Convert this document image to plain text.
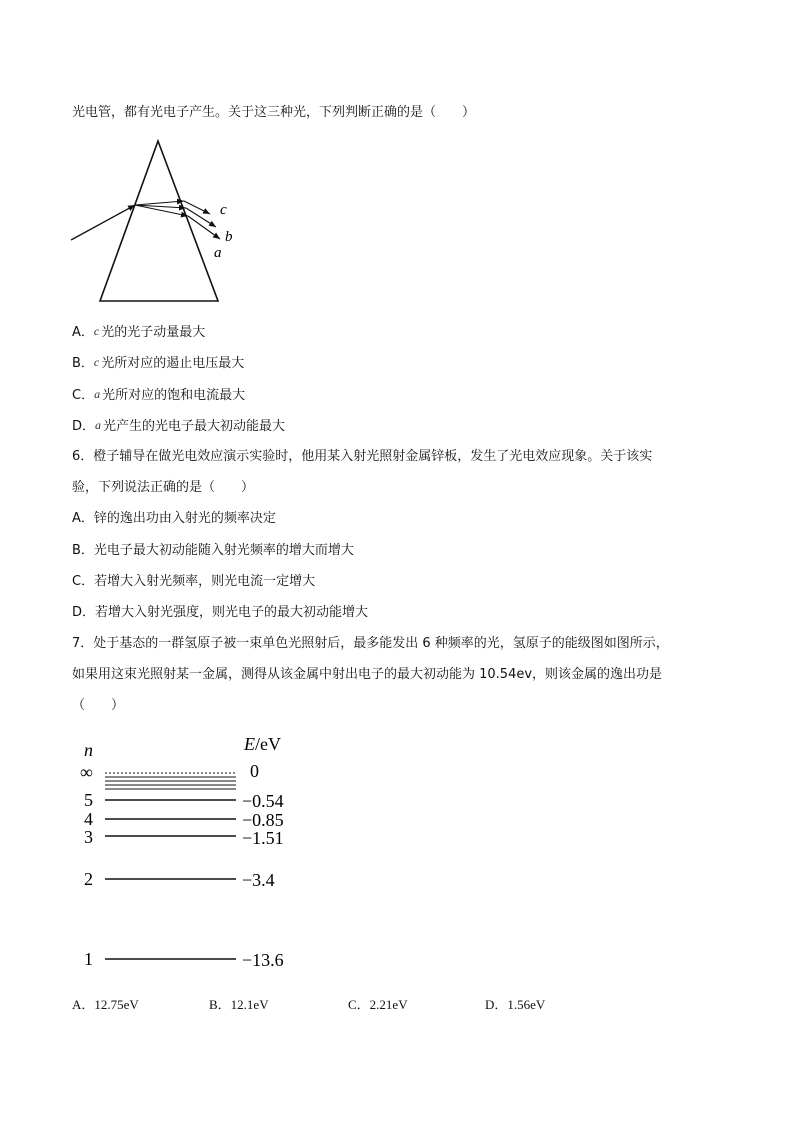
光电管，都有光电子产生。关于这三种光，下列判断正确的是（　　）
c
b
a
A．c 光的光子动量最大
B．c 光所对应的遏止电压最大
C．a 光所对应的饱和电流最大
D．a 光产生的光电子最大初动能最大
6．橙子辅导在做光电效应演示实验时，他用某入射光照射金属锌板，发生了光电效应现象。关于该实
验，下列说法正确的是（　　）
A．锌的逸出功由入射光的频率决定
B．光电子最大初动能随入射光频率的增大而增大
C．若增大入射光频率，则光电流一定增大
D．若增大入射光强度，则光电子的最大初动能增大
7．处于基态的一群氢原子被一束单色光照射后，最多能发出 6 种频率的光，氢原子的能级图如图所示，
如果用这束光照射某一金属，测得从该金属中射出电子的最大初动能为 10.54ev，则该金属的逸出功是
（　　）
n	E/eV
∞	0
5	−0.54
4	−0.85
3	−1.51
2	−3.4
1	−13.6
A．12.75eV	B．12.1eV	C．2.21eV	D．1.56eV
